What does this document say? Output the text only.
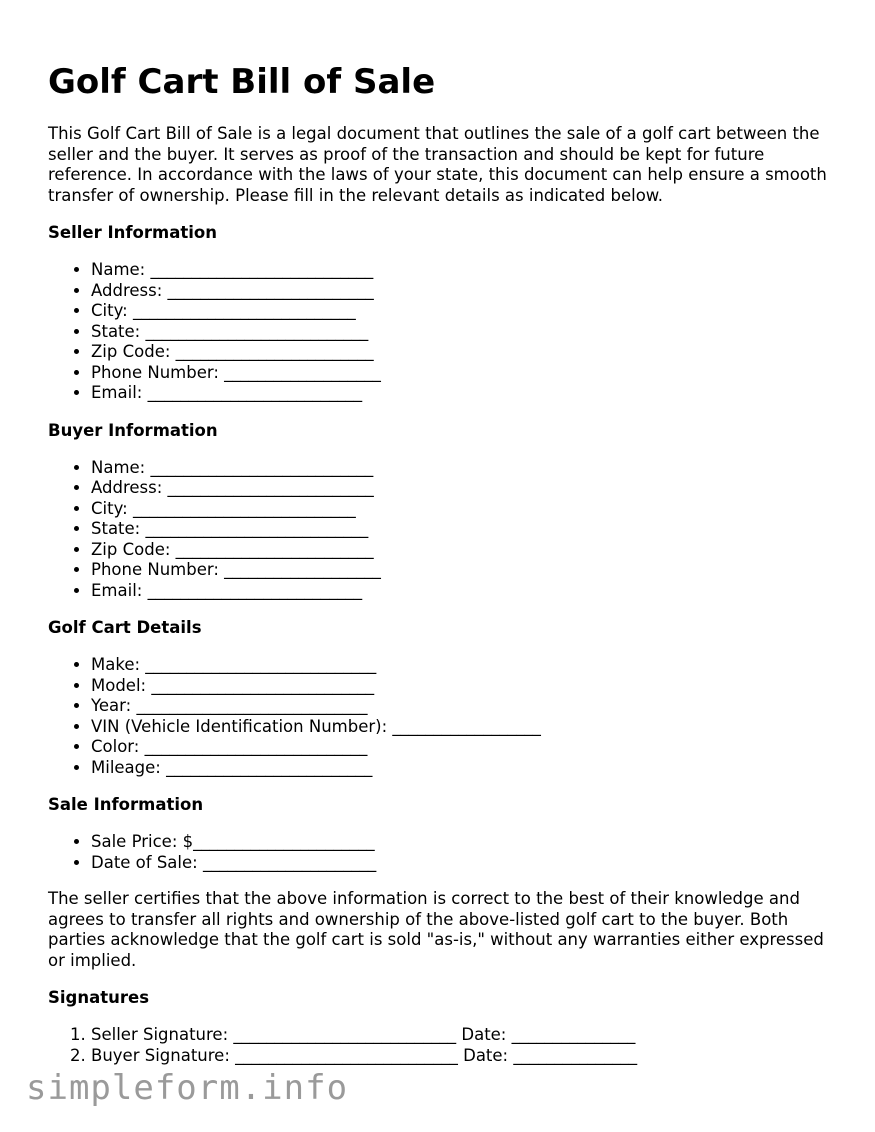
Golf Cart Bill of Sale

This Golf Cart Bill of Sale is a legal document that outlines the sale of a golf cart between the seller and the buyer. It serves as proof of the transaction and should be kept for future reference. In accordance with the laws of your state, this document can help ensure a smooth transfer of ownership. Please fill in the relevant details as indicated below.

Seller Information
• Name: ___________________________
• Address: _________________________
• City: ___________________________
• State: ___________________________
• Zip Code: ________________________
• Phone Number: ___________________
• Email: __________________________
Buyer Information
• Name: ___________________________
• Address: _________________________
• City: ___________________________
• State: ___________________________
• Zip Code: ________________________
• Phone Number: ___________________
• Email: __________________________
Golf Cart Details
• Make: ____________________________
• Model: ___________________________
• Year: ____________________________
• VIN (Vehicle Identification Number): __________________
• Color: ___________________________
• Mileage: _________________________
Sale Information
• Sale Price: $______________________
• Date of Sale: _____________________

The seller certifies that the above information is correct to the best of their knowledge and agrees to transfer all rights and ownership of the above-listed golf cart to the buyer. Both parties acknowledge that the golf cart is sold "as-is," without any warranties either expressed or implied.

Signatures
1. Seller Signature: ___________________________ Date: _______________
2. Buyer Signature: ___________________________ Date: _______________
simpleform.info
